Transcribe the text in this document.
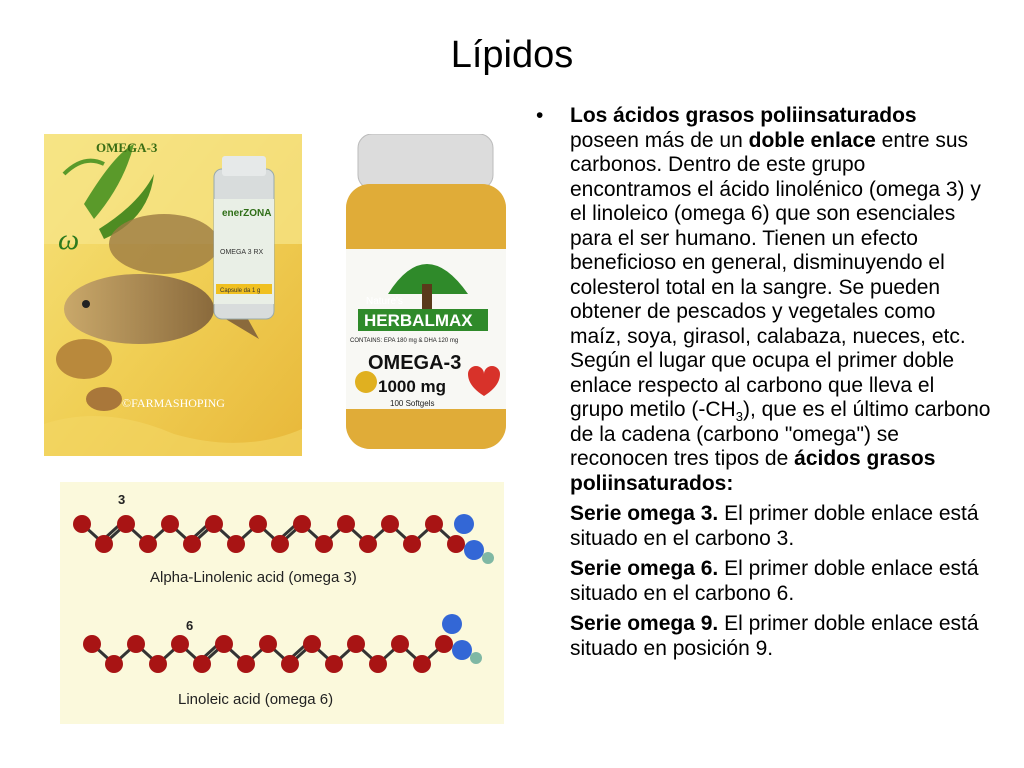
Lípidos
OMEGA-3
ω
enerZONA
OMEGA 3 RX
Capsule da 1 g
©FARMASHOPING
Nature's
HERBALMAX
CONTAINS: EPA 180 mg & DHA 120 mg
OMEGA-3
1000 mg
100 Softgels
3
Alpha-Linolenic acid (omega 3)
6
Linoleic acid (omega 6)
• Los ácidos grasos poliinsaturados poseen más de un doble enlace entre sus carbonos. Dentro de este grupo encontramos el ácido linolénico (omega 3) y el linoleico (omega 6) que son esenciales para el ser humano. Tienen un efecto beneficioso en general, disminuyendo el colesterol total en la sangre. Se pueden obtener de pescados y vegetales como maíz, soya, girasol, calabaza, nueces, etc. Según el lugar que ocupa el primer doble enlace respecto al carbono que lleva el grupo metilo $(-CH_3)$, que es el último carbono de la cadena (carbono "omega") se reconocen tres tipos de ácidos grasos poliinsaturados:

Serie omega 3. El primer doble enlace está situado en el carbono 3.

Serie omega 6. El primer doble enlace está situado en el carbono 6.

Serie omega 9. El primer doble enlace está situado en posición 9.
